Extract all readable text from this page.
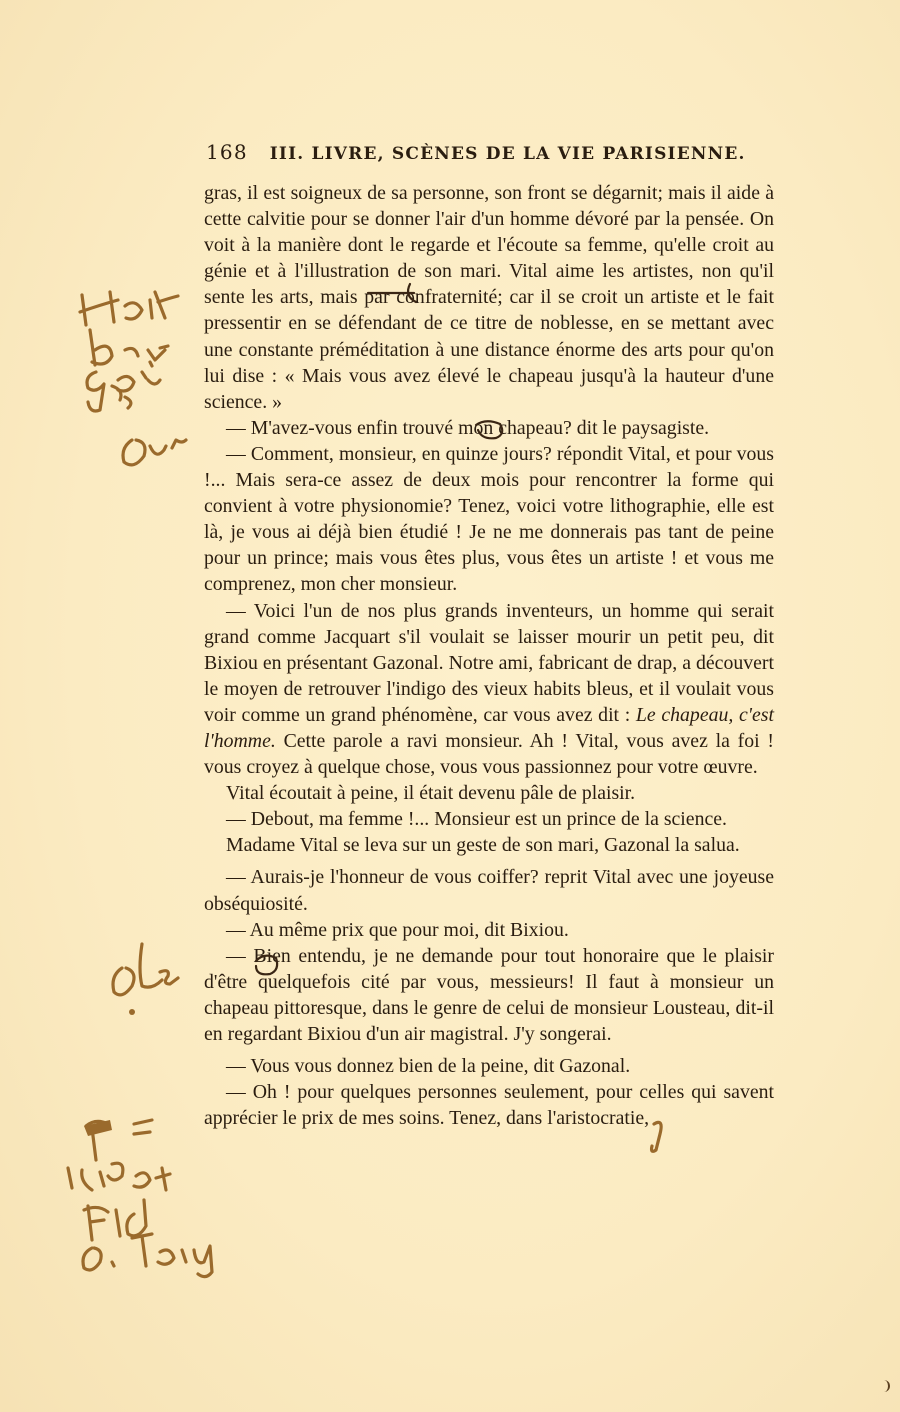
168 III. LIVRE, SCÈNES DE LA VIE PARISIENNE.

gras, il est soigneux de sa personne, son front se dégarnit; mais il aide à cette calvitie pour se donner l'air d'un homme dévoré par la pensée. On voit à la manière dont le regarde et l'écoute sa femme, qu'elle croit au génie et à l'illustration de son mari. Vital aime les artistes, non qu'il sente les arts, mais par confraternité; car il se croit un artiste et le fait pressentir en se défendant de ce titre de noblesse, en se mettant avec une constante préméditation à une distance énorme des arts pour qu'on lui dise : « Mais vous avez élevé le chapeau jusqu'à la hauteur d'une science. »

— M'avez-vous enfin trouvé mon chapeau? dit le paysagiste.

— Comment, monsieur, en quinze jours? répondit Vital, et pour vous !... Mais sera-ce assez de deux mois pour rencontrer la forme qui convient à votre physionomie? Tenez, voici votre lithographie, elle est là, je vous ai déjà bien étudié ! Je ne me donnerais pas tant de peine pour un prince; mais vous êtes plus, vous êtes un artiste ! et vous me comprenez, mon cher monsieur.

— Voici l'un de nos plus grands inventeurs, un homme qui serait grand comme Jacquart s'il voulait se laisser mourir un petit peu, dit Bixiou en présentant Gazonal. Notre ami, fabricant de drap, a découvert le moyen de retrouver l'indigo des vieux habits bleus, et il voulait vous voir comme un grand phénomène, car vous avez dit : Le chapeau, c'est l'homme. Cette parole a ravi monsieur. Ah ! Vital, vous avez la foi ! vous croyez à quelque chose, vous vous passionnez pour votre œuvre.

Vital écoutait à peine, il était devenu pâle de plaisir.

— Debout, ma femme !... Monsieur est un prince de la science.

Madame Vital se leva sur un geste de son mari, Gazonal la salua.

— Aurais-je l'honneur de vous coiffer? reprit Vital avec une joyeuse obséquiosité.

— Au même prix que pour moi, dit Bixiou.

— Bien entendu, je ne demande pour tout honoraire que le plaisir d'être quelquefois cité par vous, messieurs! Il faut à monsieur un chapeau pittoresque, dans le genre de celui de monsieur Lousteau, dit-il en regardant Bixiou d'un air magistral. J'y songerai.

— Vous vous donnez bien de la peine, dit Gazonal.

— Oh ! pour quelques personnes seulement, pour celles qui savent apprécier le prix de mes soins. Tenez, dans l'aristocratie,
